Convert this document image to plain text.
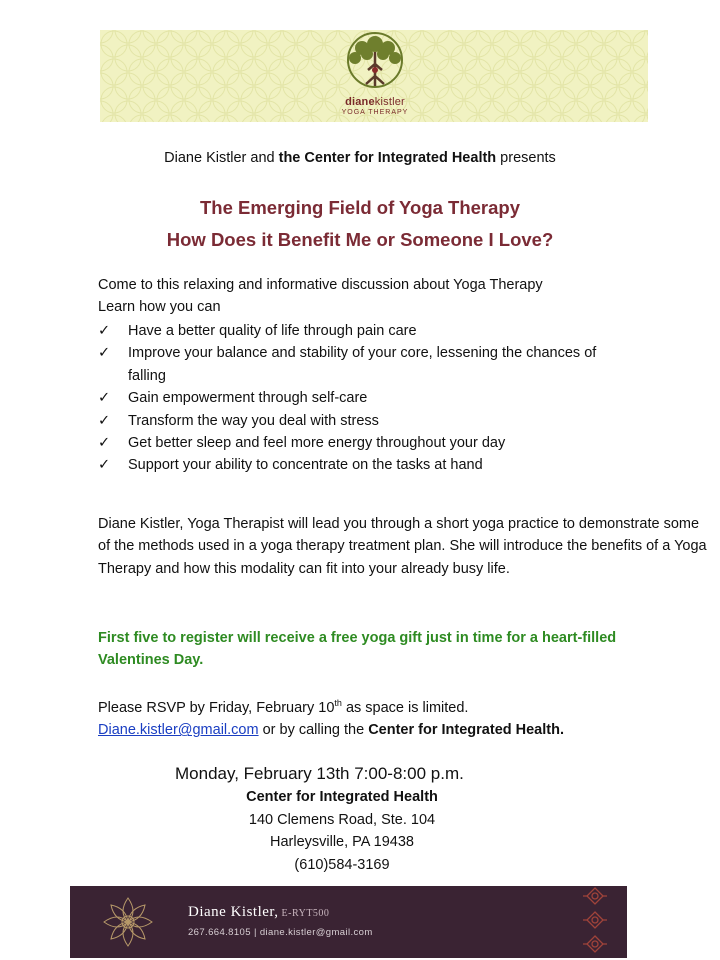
dianekistler
YOGA THERAPY
Diane Kistler and the Center for Integrated Health presents
The Emerging Field of Yoga Therapy
How Does it Benefit Me or Someone I Love?
Come to this relaxing and informative discussion about Yoga Therapy
Learn how you can
✓ Have a better quality of life through pain care
✓ Improve your balance and stability of your core, lessening the chances of falling
✓ Gain empowerment through self-care
✓ Transform the way you deal with stress
✓ Get better sleep and feel more energy throughout your day
✓ Support your ability to concentrate on the tasks at hand
Diane Kistler, Yoga Therapist will lead you through a short yoga practice to demonstrate some of the methods used in a yoga therapy treatment plan. She will introduce the benefits of a Yoga Therapy and how this modality can fit into your already busy life.
First five to register will receive a free yoga gift just in time for a heart-filled Valentines Day.
Please RSVP by Friday, February 10th as space is limited.
Diane.kistler@gmail.com or by calling the Center for Integrated Health.
Monday, February 13th 7:00-8:00 p.m.
Center for Integrated Health
140 Clemens Road, Ste. 104
Harleysville, PA 19438
(610)584-3169
Diane Kistler, E-RYT500
267.664.8105 | diane.kistler@gmail.com
